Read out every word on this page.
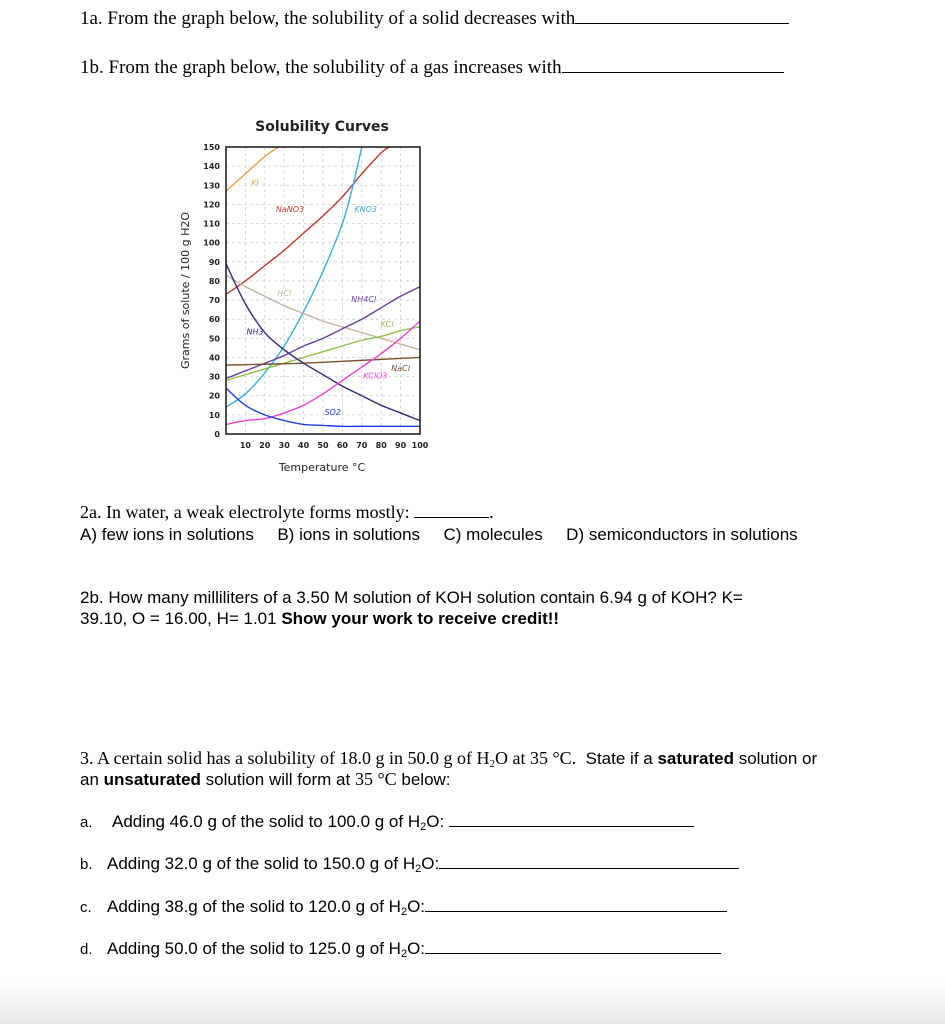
1a. From the graph below, the solubility of a solid decreases with
1b. From the graph below, the solubility of a gas increases with
Solubility Curves
0
10
20
30
40
50
60
70
80
90
100
110
120
130
140
150
10 20 30 40 50 60 70 80 90 100
Temperature °C
Grams of solute / 100 g H2O
KI
NaNO3	KNO3
HCl
NH4Cl
KCl
NH3
NaCl
KClO3
SO2
2a. In water, a weak electrolyte forms mostly:	.
A) few ions in solutions B) ions in solutions C) molecules D) semiconductors in solutions
2b. How many milliliters of a 3.50 M solution of KOH solution contain 6.94 g of KOH? K=
39.10, O = 16.00, H= 1.01 Show your work to receive credit!!
3. A certain solid has a solubility of 18.0 g in 50.0 g of $H_2O$ at 35 °C.  State if a saturated solution or
an unsaturated solution will form at 35 °C below:
a. Adding 46.0 g of the solid to 100.0 g of $H_2O$:
b. Adding 32.0 g of the solid to 150.0 g of $H_2O$:
c. Adding 38.g of the solid to 120.0 g of $H_2O$:
d. Adding 50.0 of the solid to 125.0 g of $H_2O$:
